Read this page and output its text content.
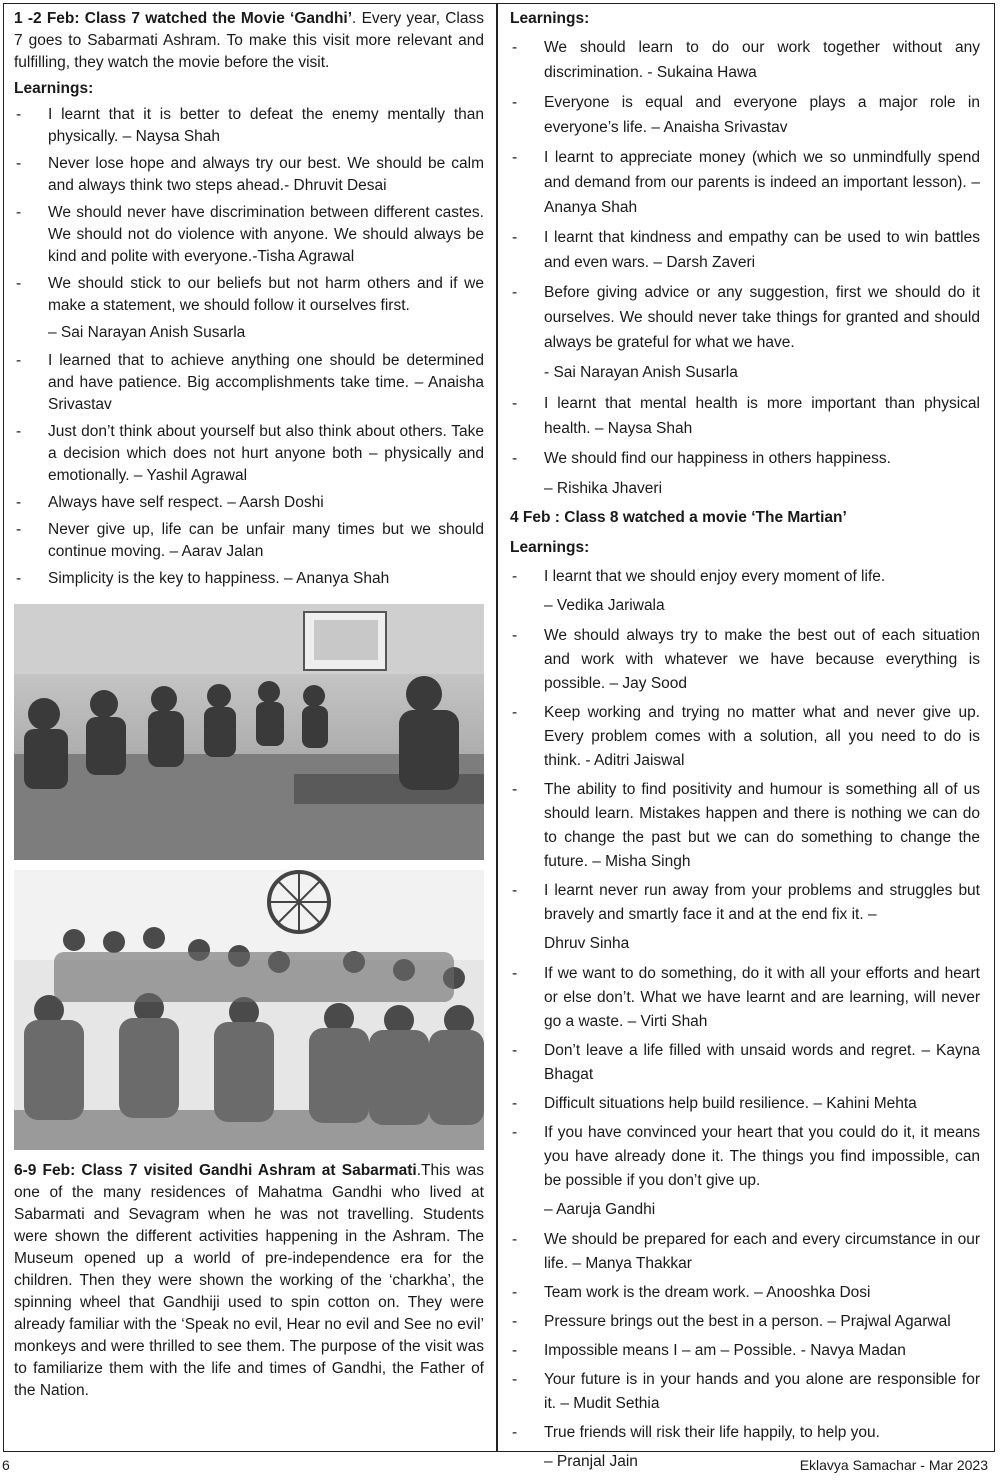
1 -2 Feb: Class 7 watched the Movie ‘Gandhi’. Every year, Class 7 goes to Sabarmati Ashram. To make this visit more relevant and fulfilling, they watch the movie before the visit.

Learnings:

- I learnt that it is better to defeat the enemy mentally than physically. – Naysa Shah
- Never lose hope and always try our best. We should be calm and always think two steps ahead.- Dhruvit Desai
- We should never have discrimination between different castes. We should not do violence with anyone. We should always be kind and polite with everyone.-Tisha Agrawal
- We should stick to our beliefs but not harm others and if we make a statement, we should follow it ourselves first.
– Sai Narayan Anish Susarla
- I learned that to achieve anything one should be determined and have patience. Big accomplishments take time. – Anaisha Srivastav
- Just don’t think about yourself but also think about others. Take a decision which does not hurt anyone both – physically and emotionally. – Yashil Agrawal
- Always have self respect. – Aarsh Doshi
- Never give up, life can be unfair many times but we should continue moving. – Aarav Jalan
- Simplicity is the key to happiness. – Ananya Shah

6-9 Feb: Class 7 visited Gandhi Ashram at Sabarmati.This was one of the many residences of Mahatma Gandhi who lived at Sabarmati and Sevagram when he was not travelling. Students were shown the different activities happening in the Ashram. The Museum opened up a world of pre-independence era for the children. Then they were shown the working of the ‘charkha’, the spinning wheel that Gandhiji used to spin cotton on. They were already familiar with the ‘Speak no evil, Hear no evil and See no evil’ monkeys and were thrilled to see them. The purpose of the visit was to familiarize them with the life and times of Gandhi, the Father of the Nation.

Learnings:

- We should learn to do our work together without any discrimination. - Sukaina Hawa
- Everyone is equal and everyone plays a major role in everyone’s life. – Anaisha Srivastav
- I learnt to appreciate money (which we so unmindfully spend and demand from our parents is indeed an important lesson). – Ananya Shah
- I learnt that kindness and empathy can be used to win battles and even wars. – Darsh Zaveri
- Before giving advice or any suggestion, first we should do it ourselves. We should never take things for granted and should always be grateful for what we have.
- Sai Narayan Anish Susarla
- I learnt that mental health is more important than physical health. – Naysa Shah
- We should find our happiness in others happiness.
– Rishika Jhaveri

4 Feb : Class 8 watched a movie ‘The Martian’

Learnings:

- I learnt that we should enjoy every moment of life.
– Vedika Jariwala
- We should always try to make the best out of each situation and work with whatever we have because everything is possible. – Jay Sood
- Keep working and trying no matter what and never give up. Every problem comes with a solution, all you need to do is think. - Aditri Jaiswal
- The ability to find positivity and humour is something all of us should learn. Mistakes happen and there is nothing we can do to change the past but we can do something to change the future. – Misha Singh
- I learnt never run away from your problems and struggles but bravely and smartly face it and at the end fix it. –
Dhruv Sinha
- If we want to do something, do it with all your efforts and heart or else don’t. What we have learnt and are learning, will never go a waste. – Virti Shah
- Don’t leave a life filled with unsaid words and regret. – Kayna Bhagat
- Difficult situations help build resilience. – Kahini Mehta
- If you have convinced your heart that you could do it, it means you have already done it. The things you find impossible, can be possible if you don’t give up.
– Aaruja Gandhi
- We should be prepared for each and every circumstance in our life. – Manya Thakkar
- Team work is the dream work. – Anooshka Dosi
- Pressure brings out the best in a person. – Prajwal Agarwal
- Impossible means I – am – Possible. - Navya Madan
- Your future is in your hands and you alone are responsible for it. – Mudit Sethia
- True friends will risk their life happily, to help you.
– Pranjal Jain
6	Eklavya Samachar - Mar 2023
